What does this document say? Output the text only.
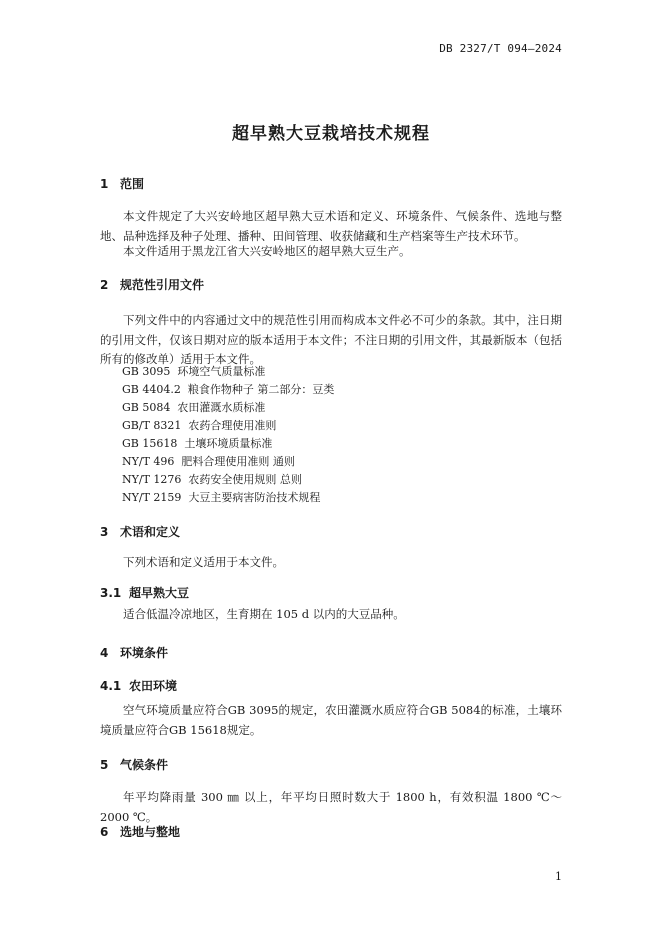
DB 2327/T 094—2024
超早熟大豆栽培技术规程
1 范围
本文件规定了大兴安岭地区超早熟大豆术语和定义、环境条件、气候条件、选地与整地、品种选择及种子处理、播种、田间管理、收获储藏和生产档案等生产技术环节。
本文件适用于黑龙江省大兴安岭地区的超早熟大豆生产。
2 规范性引用文件
下列文件中的内容通过文中的规范性引用而构成本文件必不可少的条款。其中，注日期的引用文件，仅该日期对应的版本适用于本文件；不注日期的引用文件，其最新版本（包括所有的修改单）适用于本文件。
GB 3095  环境空气质量标准
GB 4404.2  粮食作物种子 第二部分：豆类
GB 5084  农田灌溉水质标准
GB/T 8321  农药合理使用准则
GB 15618  土壤环境质量标准
NY/T 496  肥料合理使用准则 通则
NY/T 1276  农药安全使用规则 总则
NY/T 2159  大豆主要病害防治技术规程
3 术语和定义
下列术语和定义适用于本文件。
3.1 超早熟大豆
适合低温冷凉地区，生育期在 105 d 以内的大豆品种。
4 环境条件
4.1 农田环境
空气环境质量应符合GB 3095的规定，农田灌溉水质应符合GB 5084的标准，土壤环境质量应符合GB 15618规定。
5 气候条件
年平均降雨量 300 ㎜ 以上，年平均日照时数大于 1800 h，有效积温 1800 ℃～2000 ℃。
6 选地与整地
1
